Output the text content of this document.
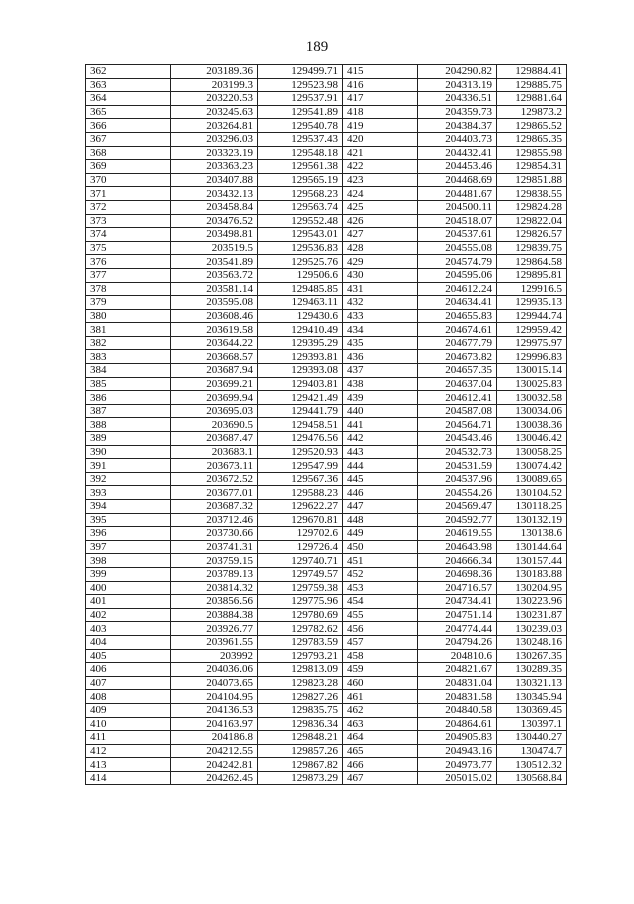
189
362	203189.36	129499.71	415	204290.82	129884.41
363	203199.3	129523.98	416	204313.19	129885.75
364	203220.53	129537.91	417	204336.51	129881.64
365	203245.63	129541.89	418	204359.73	129873.2
366	203264.81	129540.78	419	204384.37	129865.52
367	203296.03	129537.43	420	204403.73	129865.35
368	203323.19	129548.18	421	204432.41	129855.98
369	203363.23	129561.38	422	204453.46	129854.31
370	203407.88	129565.19	423	204468.69	129851.88
371	203432.13	129568.23	424	204481.67	129838.55
372	203458.84	129563.74	425	204500.11	129824.28
373	203476.52	129552.48	426	204518.07	129822.04
374	203498.81	129543.01	427	204537.61	129826.57
375	203519.5	129536.83	428	204555.08	129839.75
376	203541.89	129525.76	429	204574.79	129864.58
377	203563.72	129506.6	430	204595.06	129895.81
378	203581.14	129485.85	431	204612.24	129916.5
379	203595.08	129463.11	432	204634.41	129935.13
380	203608.46	129430.6	433	204655.83	129944.74
381	203619.58	129410.49	434	204674.61	129959.42
382	203644.22	129395.29	435	204677.79	129975.97
383	203668.57	129393.81	436	204673.82	129996.83
384	203687.94	129393.08	437	204657.35	130015.14
385	203699.21	129403.81	438	204637.04	130025.83
386	203699.94	129421.49	439	204612.41	130032.58
387	203695.03	129441.79	440	204587.08	130034.06
388	203690.5	129458.51	441	204564.71	130038.36
389	203687.47	129476.56	442	204543.46	130046.42
390	203683.1	129520.93	443	204532.73	130058.25
391	203673.11	129547.99	444	204531.59	130074.42
392	203672.52	129567.36	445	204537.96	130089.65
393	203677.01	129588.23	446	204554.26	130104.52
394	203687.32	129622.27	447	204569.47	130118.25
395	203712.46	129670.81	448	204592.77	130132.19
396	203730.66	129702.6	449	204619.55	130138.6
397	203741.31	129726.4	450	204643.98	130144.64
398	203759.15	129740.71	451	204666.34	130157.44
399	203789.13	129749.57	452	204698.36	130183.88
400	203814.32	129759.38	453	204716.57	130204.95
401	203856.56	129775.96	454	204734.41	130223.96
402	203884.38	129780.69	455	204751.14	130231.87
403	203926.77	129782.62	456	204774.44	130239.03
404	203961.55	129783.59	457	204794.26	130248.16
405	203992	129793.21	458	204810.6	130267.35
406	204036.06	129813.09	459	204821.67	130289.35
407	204073.65	129823.28	460	204831.04	130321.13
408	204104.95	129827.26	461	204831.58	130345.94
409	204136.53	129835.75	462	204840.58	130369.45
410	204163.97	129836.34	463	204864.61	130397.1
411	204186.8	129848.21	464	204905.83	130440.27
412	204212.55	129857.26	465	204943.16	130474.7
413	204242.81	129867.82	466	204973.77	130512.32
414	204262.45	129873.29	467	205015.02	130568.84
